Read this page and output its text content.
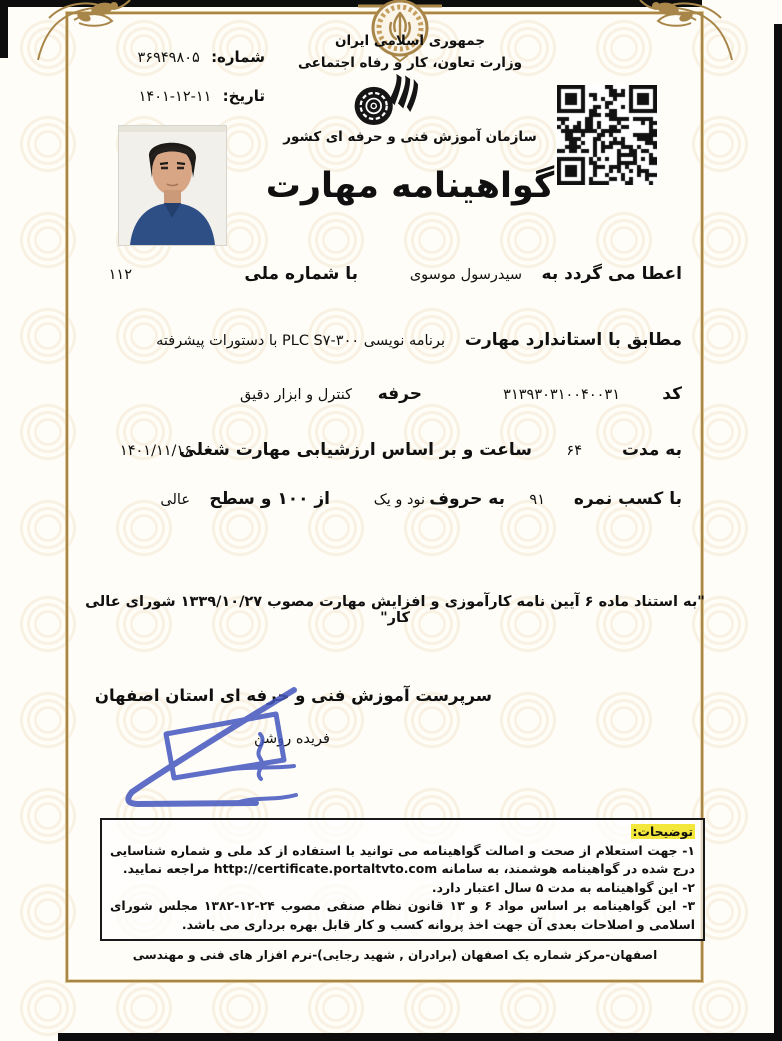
شماره: ۳۶۹۴۹۸۰۵
تاریخ: ۱۱-۱۲-۱۴۰۱
جمهوری اسلامی ایران
وزارت تعاون، کار و رفاه اجتماعی
سازمان آموزش فنی و حرفه ای کشور
گواهینامه مهارت
اعطا می گردد به
سیدرسول موسوی
با شماره ملی
۱۱۲
مطابق با استاندارد مهارت
برنامه نویسی PLC S۷-۳۰۰ با دستورات پیشرفته
کد
۳۱۳۹۳۰۳۱۰۰۴۰۰۳۱
حرفه
کنترل و ابزار دقیق
به مدت
۶۴
ساعت و بر اساس ارزشیابی مهارت شغلی
۱۴۰۱/۱۱/۱۶
با کسب نمره
۹۱
به حروف
نود و یک
از ۱۰۰ و سطح
عالی
"به استناد ماده ۶ آیین نامه کارآموزی و افزایش مهارت مصوب ۱۳۳۹/۱۰/۲۷ شورای عالی کار"
سرپرست آموزش فنی و حرفه ای استان اصفهان
فریده روشن
توضیحات:
۱- جهت استعلام از صحت و اصالت گواهینامه می توانید با استفاده از کد ملی و شماره شناسایی درج شده در گواهینامه هوشمند، به سامانه http://certificate.portaltvto.com مراجعه نمایید.
۲- این گواهینامه به مدت ۵ سال اعتبار دارد.
۳- این گواهینامه بر اساس مواد ۶ و ۱۳ قانون نظام صنفی مصوب ۲۴-۱۲-۱۳۸۲ مجلس شورای اسلامی و اصلاحات بعدی آن جهت اخذ پروانه کسب و کار قابل بهره برداری می باشد.
اصفهان-مرکز شماره یک اصفهان (برادران , شهید رجایی)-نرم افزار های فنی و مهندسی
